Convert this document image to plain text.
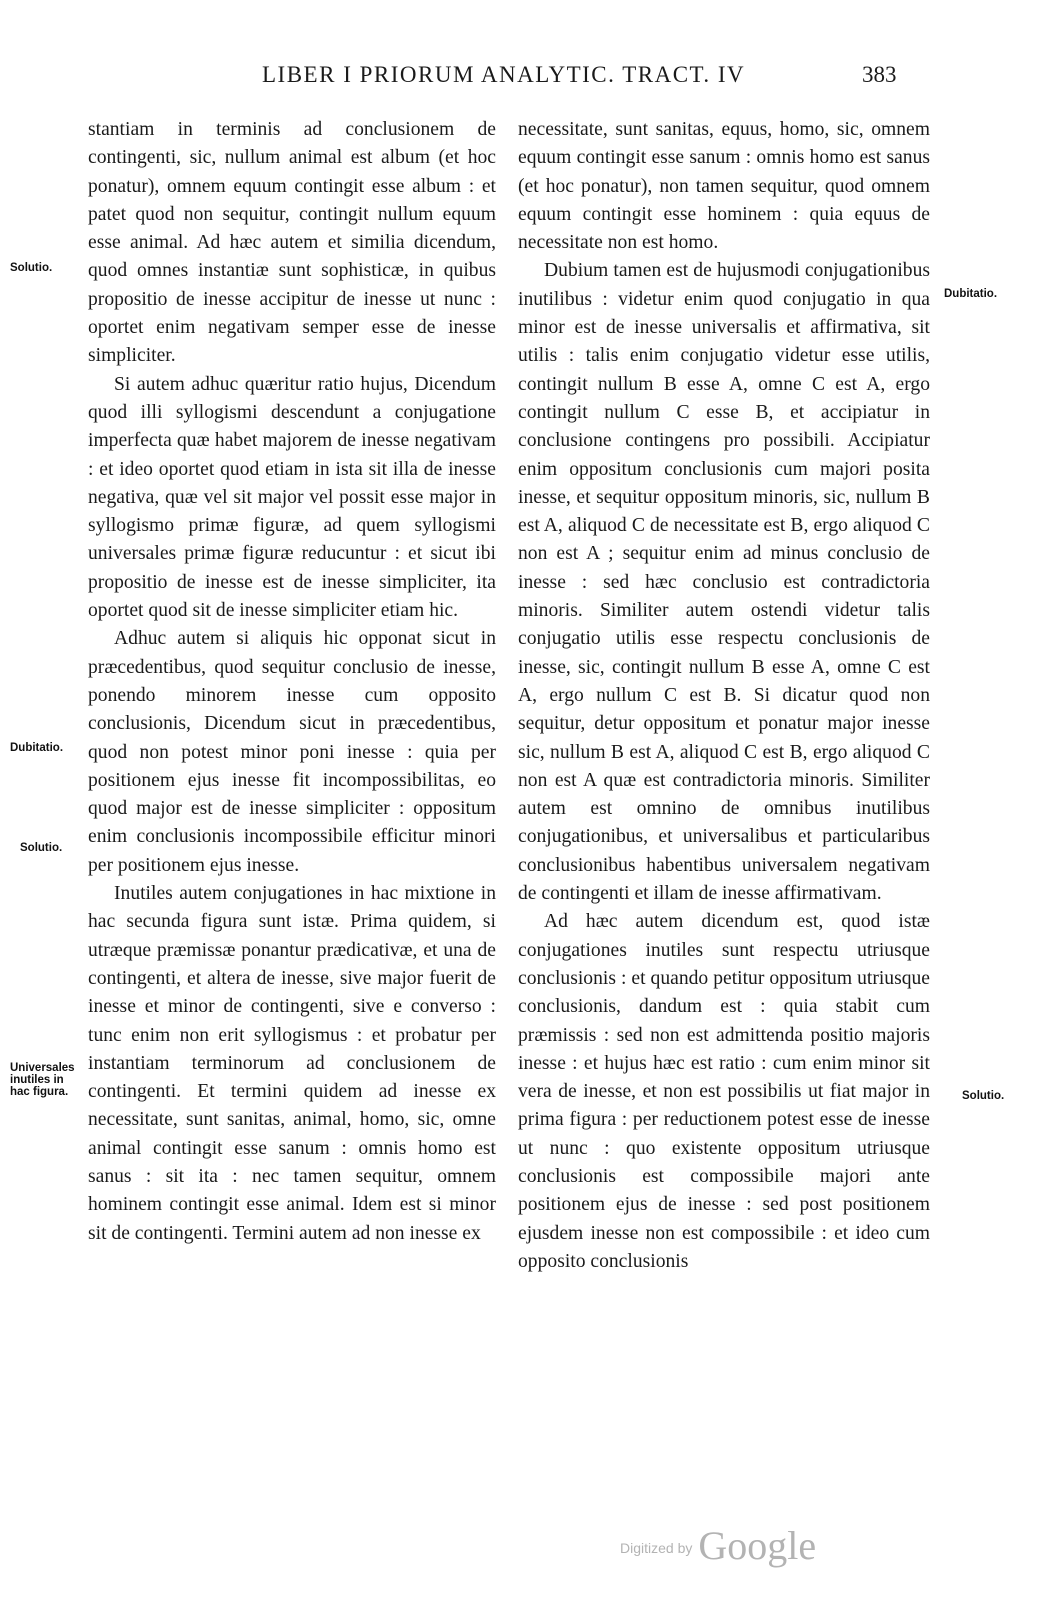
LIBER I PRIORUM ANALYTIC. TRACT. IV	383

stantiam in terminis ad conclusionem de contingenti, sic, nullum animal est album (et hoc ponatur), omnem equum contingit esse album : et patet quod non sequitur, contingit nullum equum esse animal. Ad hæc autem et similia dicendum, quod omnes instantiæ sunt sophisticæ, in quibus propositio de inesse accipitur de inesse ut nunc : oportet enim negativam semper esse de inesse simpliciter.

Si autem adhuc quæritur ratio hujus, Dicendum quod illi syllogismi descendunt a conjugatione imperfecta quæ habet majorem de inesse negativam : et ideo oportet quod etiam in ista sit illa de inesse negativa, quæ vel sit major vel possit esse major in syllogismo primæ figuræ, ad quem syllogismi universales primæ figuræ reducuntur : et sicut ibi propositio de inesse est de inesse simpliciter, ita oportet quod sit de inesse simpliciter etiam hic.

Adhuc autem si aliquis hic opponat sicut in præcedentibus, quod sequitur conclusio de inesse, ponendo minorem inesse cum opposito conclusionis, Dicendum sicut in præcedentibus, quod non potest minor poni inesse : quia per positionem ejus inesse fit incompossibilitas, eo quod major est de inesse simpliciter : oppositum enim conclusionis incompossibile efficitur minori per positionem ejus inesse.

Inutiles autem conjugationes in hac mixtione in hac secunda figura sunt istæ. Prima quidem, si utræque præmissæ ponantur prædicativæ, et una de contingenti, et altera de inesse, sive major fuerit de inesse et minor de contingenti, sive e converso : tunc enim non erit syllogismus : et probatur per instantiam terminorum ad conclusionem de contingenti. Et termini quidem ad inesse ex necessitate, sunt sanitas, animal, homo, sic, omne animal contingit esse sanum : omnis homo est sanus : sit ita : nec tamen sequitur, omnem hominem contingit esse animal. Idem est si minor sit de contingenti. Termini autem ad non inesse ex

necessitate, sunt sanitas, equus, homo, sic, omnem equum contingit esse sanum : omnis homo est sanus (et hoc ponatur), non tamen sequitur, quod omnem equum contingit esse hominem : quia equus de necessitate non est homo.

Dubium tamen est de hujusmodi conjugationibus inutilibus : videtur enim quod conjugatio in qua minor est de inesse universalis et affirmativa, sit utilis : talis enim conjugatio videtur esse utilis, contingit nullum B esse A, omne C est A, ergo contingit nullum C esse B, et accipiatur in conclusione contingens pro possibili. Accipiatur enim oppositum conclusionis cum majori posita inesse, et sequitur oppositum minoris, sic, nullum B est A, aliquod C de necessitate est B, ergo aliquod C non est A ; sequitur enim ad minus conclusio de inesse : sed hæc conclusio est contradictoria minoris. Similiter autem ostendi videtur talis conjugatio utilis esse respectu conclusionis de inesse, sic, contingit nullum B esse A, omne C est A, ergo nullum C est B. Si dicatur quod non sequitur, detur oppositum et ponatur major inesse sic, nullum B est A, aliquod C est B, ergo aliquod C non est A quæ est contradictoria minoris. Similiter autem est omnino de omnibus inutilibus conjugationibus, et universalibus et particularibus conclusionibus habentibus universalem negativam de contingenti et illam de inesse affirmativam.

Ad hæc autem dicendum est, quod istæ conjugationes inutiles sunt respectu utriusque conclusionis : et quando petitur oppositum utriusque conclusionis, dandum est : quia stabit cum præmissis : sed non est admittenda positio majoris inesse : et hujus hæc est ratio : cum enim minor sit vera de inesse, et non est possibilis ut fiat major in prima figura : per reductionem potest esse de inesse ut nunc : quo existente oppositum utriusque conclusionis est compossibile majori ante positionem ejus de inesse : sed post positionem ejusdem inesse non est compossibile : et ideo cum opposito conclusionis

Solutio.
Dubitatio.
Solutio.
Universales
inutiles in
hac figura.
Dubitatio.
Solutio.
Digitized by Google
